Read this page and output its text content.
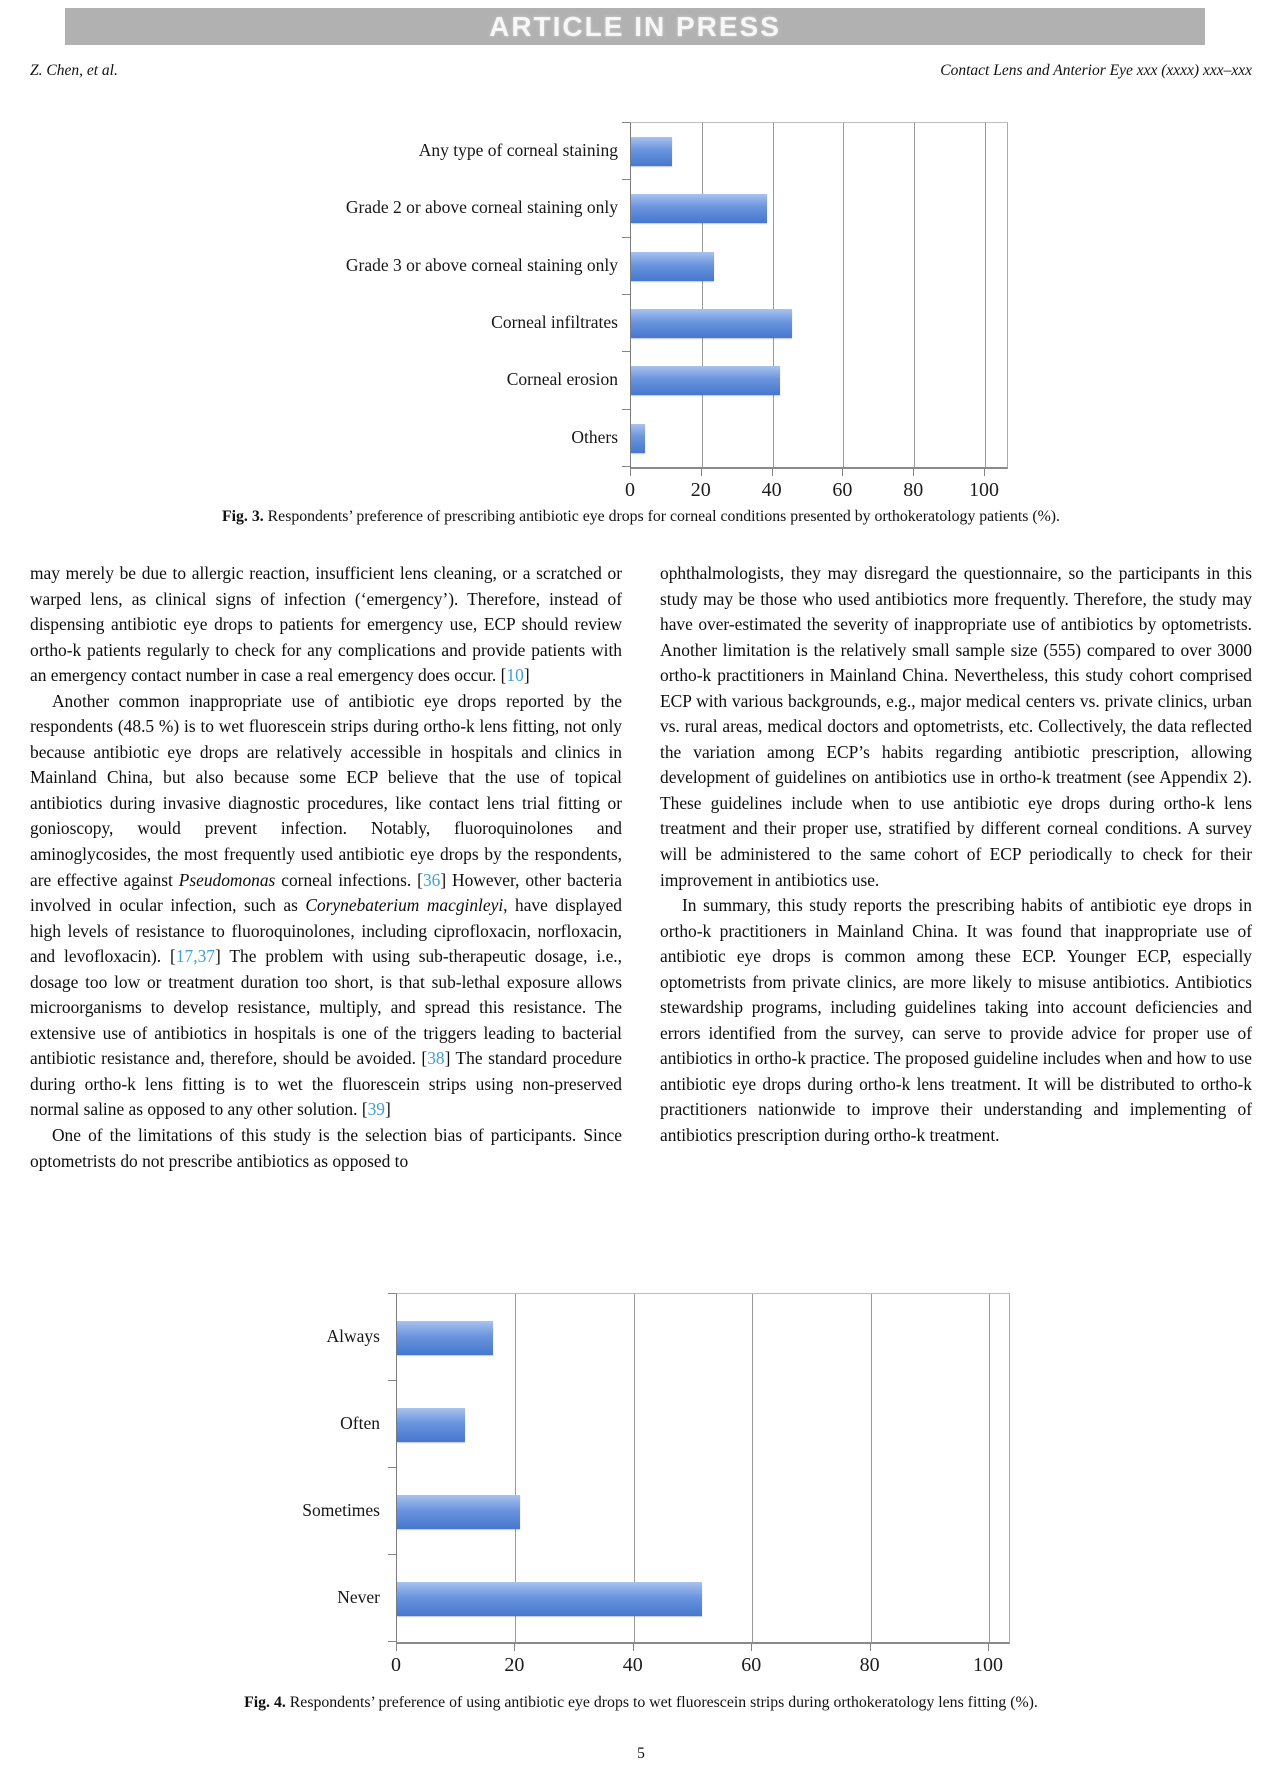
ARTICLE IN PRESS
Z. Chen, et al.	Contact Lens and Anterior Eye xxx (xxxx) xxx–xxx
Any type of corneal staining
Grade 2 or above corneal staining only
Grade 3 or above corneal staining only
Corneal infiltrates
Corneal erosion
Others
0	20	40	60	80	100
Fig. 3. Respondents’ preference of prescribing antibiotic eye drops for corneal conditions presented by orthokeratology patients (%).

may merely be due to allergic reaction, insufficient lens cleaning, or a scratched or warped lens, as clinical signs of infection (‘emergency’). Therefore, instead of dispensing antibiotic eye drops to patients for emergency use, ECP should review ortho-k patients regularly to check for any complications and provide patients with an emergency contact number in case a real emergency does occur. [10]

Another common inappropriate use of antibiotic eye drops reported by the respondents (48.5 %) is to wet fluorescein strips during ortho-k lens fitting, not only because antibiotic eye drops are relatively accessible in hospitals and clinics in Mainland China, but also because some ECP believe that the use of topical antibiotics during invasive diagnostic procedures, like contact lens trial fitting or gonioscopy, would prevent infection. Notably, fluoroquinolones and aminoglycosides, the most frequently used antibiotic eye drops by the respondents, are effective against Pseudomonas corneal infections. [36] However, other bacteria involved in ocular infection, such as Corynebaterium macginleyi, have displayed high levels of resistance to fluoroquinolones, including ciprofloxacin, norfloxacin, and levofloxacin). [17,37] The problem with using sub-therapeutic dosage, i.e., dosage too low or treatment duration too short, is that sub-lethal exposure allows microorganisms to develop resistance, multiply, and spread this resistance. The extensive use of antibiotics in hospitals is one of the triggers leading to bacterial antibiotic resistance and, therefore, should be avoided. [38] The standard procedure during ortho-k lens fitting is to wet the fluorescein strips using non-preserved normal saline as opposed to any other solution. [39]

One of the limitations of this study is the selection bias of participants. Since optometrists do not prescribe antibiotics as opposed to

ophthalmologists, they may disregard the questionnaire, so the participants in this study may be those who used antibiotics more frequently. Therefore, the study may have over-estimated the severity of inappropriate use of antibiotics by optometrists. Another limitation is the relatively small sample size (555) compared to over 3000 ortho-k practitioners in Mainland China. Nevertheless, this study cohort comprised ECP with various backgrounds, e.g., major medical centers vs. private clinics, urban vs. rural areas, medical doctors and optometrists, etc. Collectively, the data reflected the variation among ECP’s habits regarding antibiotic prescription, allowing development of guidelines on antibiotics use in ortho-k treatment (see Appendix 2). These guidelines include when to use antibiotic eye drops during ortho-k lens treatment and their proper use, stratified by different corneal conditions. A survey will be administered to the same cohort of ECP periodically to check for their improvement in antibiotics use.

In summary, this study reports the prescribing habits of antibiotic eye drops in ortho-k practitioners in Mainland China. It was found that inappropriate use of antibiotic eye drops is common among these ECP. Younger ECP, especially optometrists from private clinics, are more likely to misuse antibiotics. Antibiotics stewardship programs, including guidelines taking into account deficiencies and errors identified from the survey, can serve to provide advice for proper use of antibiotics in ortho-k practice. The proposed guideline includes when and how to use antibiotic eye drops during ortho-k lens treatment. It will be distributed to ortho-k practitioners nationwide to improve their understanding and implementing of antibiotics prescription during ortho-k treatment.

Always
Often
Sometimes
Never
0	20	40	60	80	100
Fig. 4. Respondents’ preference of using antibiotic eye drops to wet fluorescein strips during orthokeratology lens fitting (%).
5
